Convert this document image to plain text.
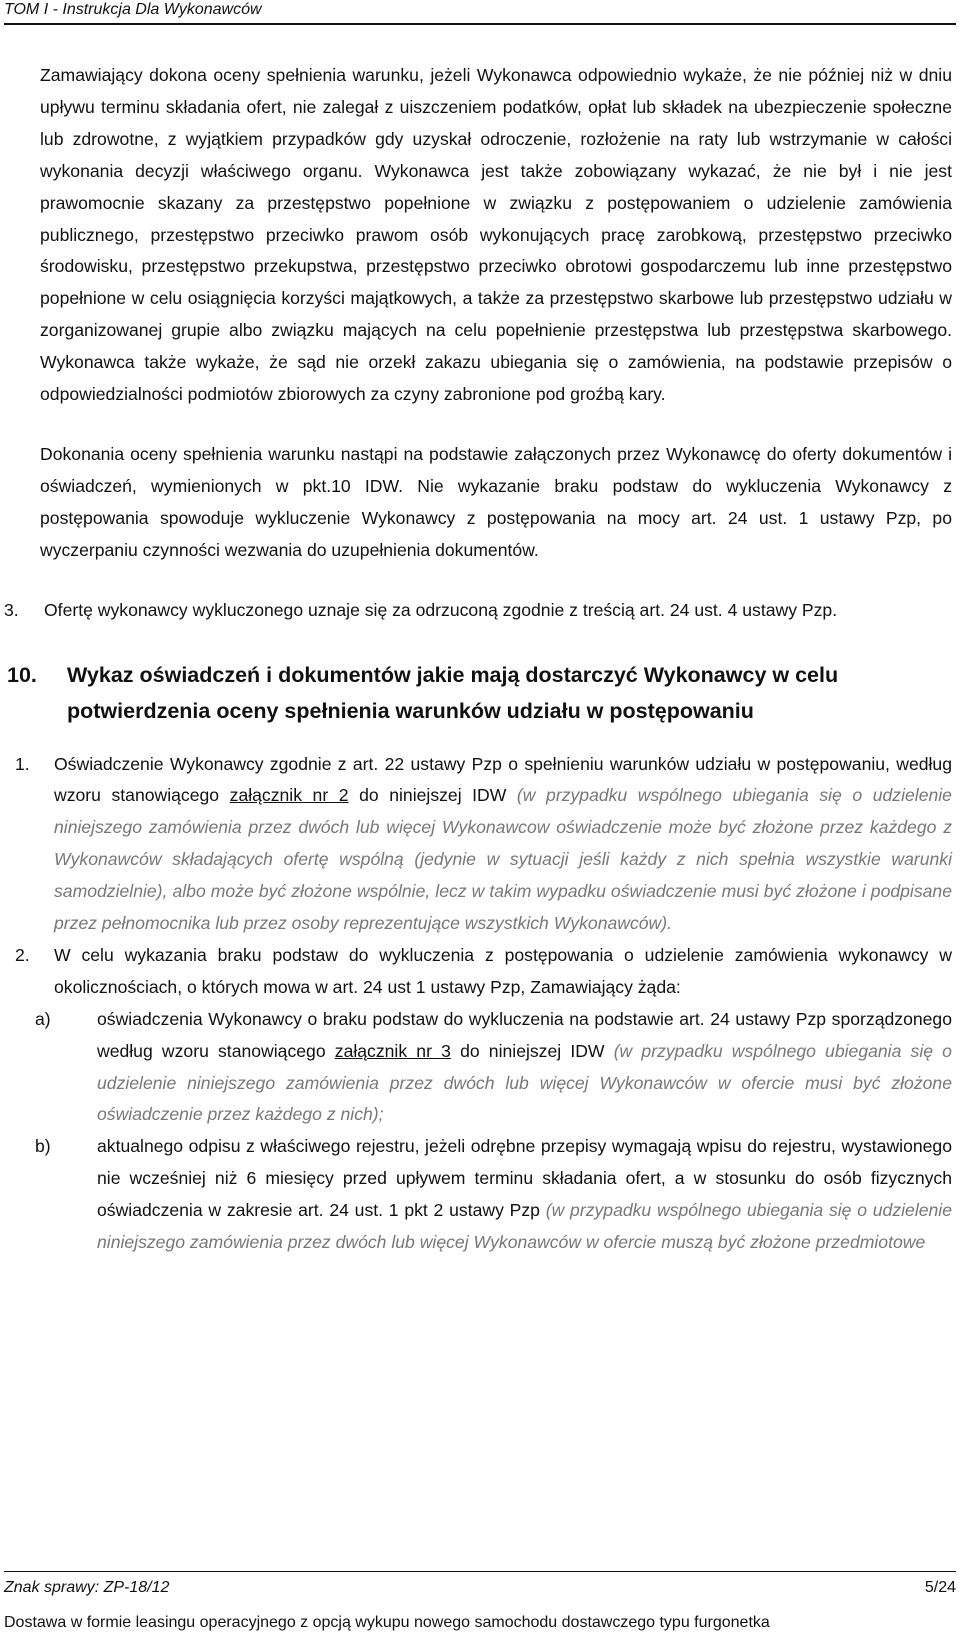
TOM I - Instrukcja Dla Wykonawców

Zamawiający dokona oceny spełnienia warunku, jeżeli Wykonawca odpowiednio wykaże, że nie później niż w dniu upływu terminu składania ofert, nie zalegał z uiszczeniem podatków, opłat lub składek na ubezpieczenie społeczne lub zdrowotne, z wyjątkiem przypadków gdy uzyskał odroczenie, rozłożenie na raty lub wstrzymanie w całości wykonania decyzji właściwego organu. Wykonawca jest także zobowiązany wykazać, że nie był i nie jest prawomocnie skazany za przestępstwo popełnione w związku z postępowaniem o udzielenie zamówienia publicznego, przestępstwo przeciwko prawom osób wykonujących pracę zarobkową, przestępstwo przeciwko środowisku, przestępstwo przekupstwa, przestępstwo przeciwko obrotowi gospodarczemu lub inne przestępstwo popełnione w celu osiągnięcia korzyści majątkowych, a także za przestępstwo skarbowe lub przestępstwo udziału w zorganizowanej grupie albo związku mających na celu popełnienie przestępstwa lub przestępstwa skarbowego. Wykonawca także wykaże, że sąd nie orzekł zakazu ubiegania się o zamówienia, na podstawie przepisów o odpowiedzialności podmiotów zbiorowych za czyny zabronione pod groźbą kary.

Dokonania oceny spełnienia warunku nastąpi na podstawie załączonych przez Wykonawcę do oferty dokumentów i oświadczeń, wymienionych w pkt.10 IDW. Nie wykazanie braku podstaw do wykluczenia Wykonawcy z postępowania spowoduje wykluczenie Wykonawcy z postępowania na mocy art. 24 ust. 1 ustawy Pzp, po wyczerpaniu czynności wezwania do uzupełnienia dokumentów.

3.	Ofertę wykonawcy wykluczonego uznaje się za odrzuconą zgodnie z treścią art. 24 ust. 4 ustawy Pzp.
10.	Wykaz oświadczeń i dokumentów jakie mają dostarczyć Wykonawcy w celu potwierdzenia oceny spełnienia warunków udziału w postępowaniu
1.	Oświadczenie Wykonawcy zgodnie z art. 22 ustawy Pzp o spełnieniu warunków udziału w postępowaniu, według wzoru stanowiącego załącznik nr 2 do niniejszej IDW (w przypadku wspólnego ubiegania się o udzielenie niniejszego zamówienia przez dwóch lub więcej Wykonawcow oświadczenie może być złożone przez każdego z Wykonawców składających ofertę wspólną (jedynie w sytuacji jeśli każdy z nich spełnia wszystkie warunki samodzielnie), albo może być złożone wspólnie, lecz w takim wypadku oświadczenie musi być złożone i podpisane przez pełnomocnika lub przez osoby reprezentujące wszystkich Wykonawców).
2.	W celu wykazania braku podstaw do wykluczenia z postępowania o udzielenie zamówienia wykonawcy w okolicznościach, o których mowa w art. 24 ust 1 ustawy Pzp, Zamawiający żąda:
a)	oświadczenia Wykonawcy o braku podstaw do wykluczenia na podstawie art. 24 ustawy Pzp sporządzonego według wzoru stanowiącego załącznik nr 3 do niniejszej IDW (w przypadku wspólnego ubiegania się o udzielenie niniejszego zamówienia przez dwóch lub więcej Wykonawców w ofercie musi być złożone oświadczenie przez każdego z nich);
b)	aktualnego odpisu z właściwego rejestru, jeżeli odrębne przepisy wymagają wpisu do rejestru, wystawionego nie wcześniej niż 6 miesięcy przed upływem terminu składania ofert, a w stosunku do osób fizycznych oświadczenia w zakresie art. 24 ust. 1 pkt 2 ustawy Pzp (w przypadku wspólnego ubiegania się o udzielenie niniejszego zamówienia przez dwóch lub więcej Wykonawców w ofercie muszą być złożone przedmiotowe
Znak sprawy: ZP-18/12	5/24
Dostawa w formie leasingu operacyjnego z opcją wykupu nowego samochodu dostawczego typu furgonetka
